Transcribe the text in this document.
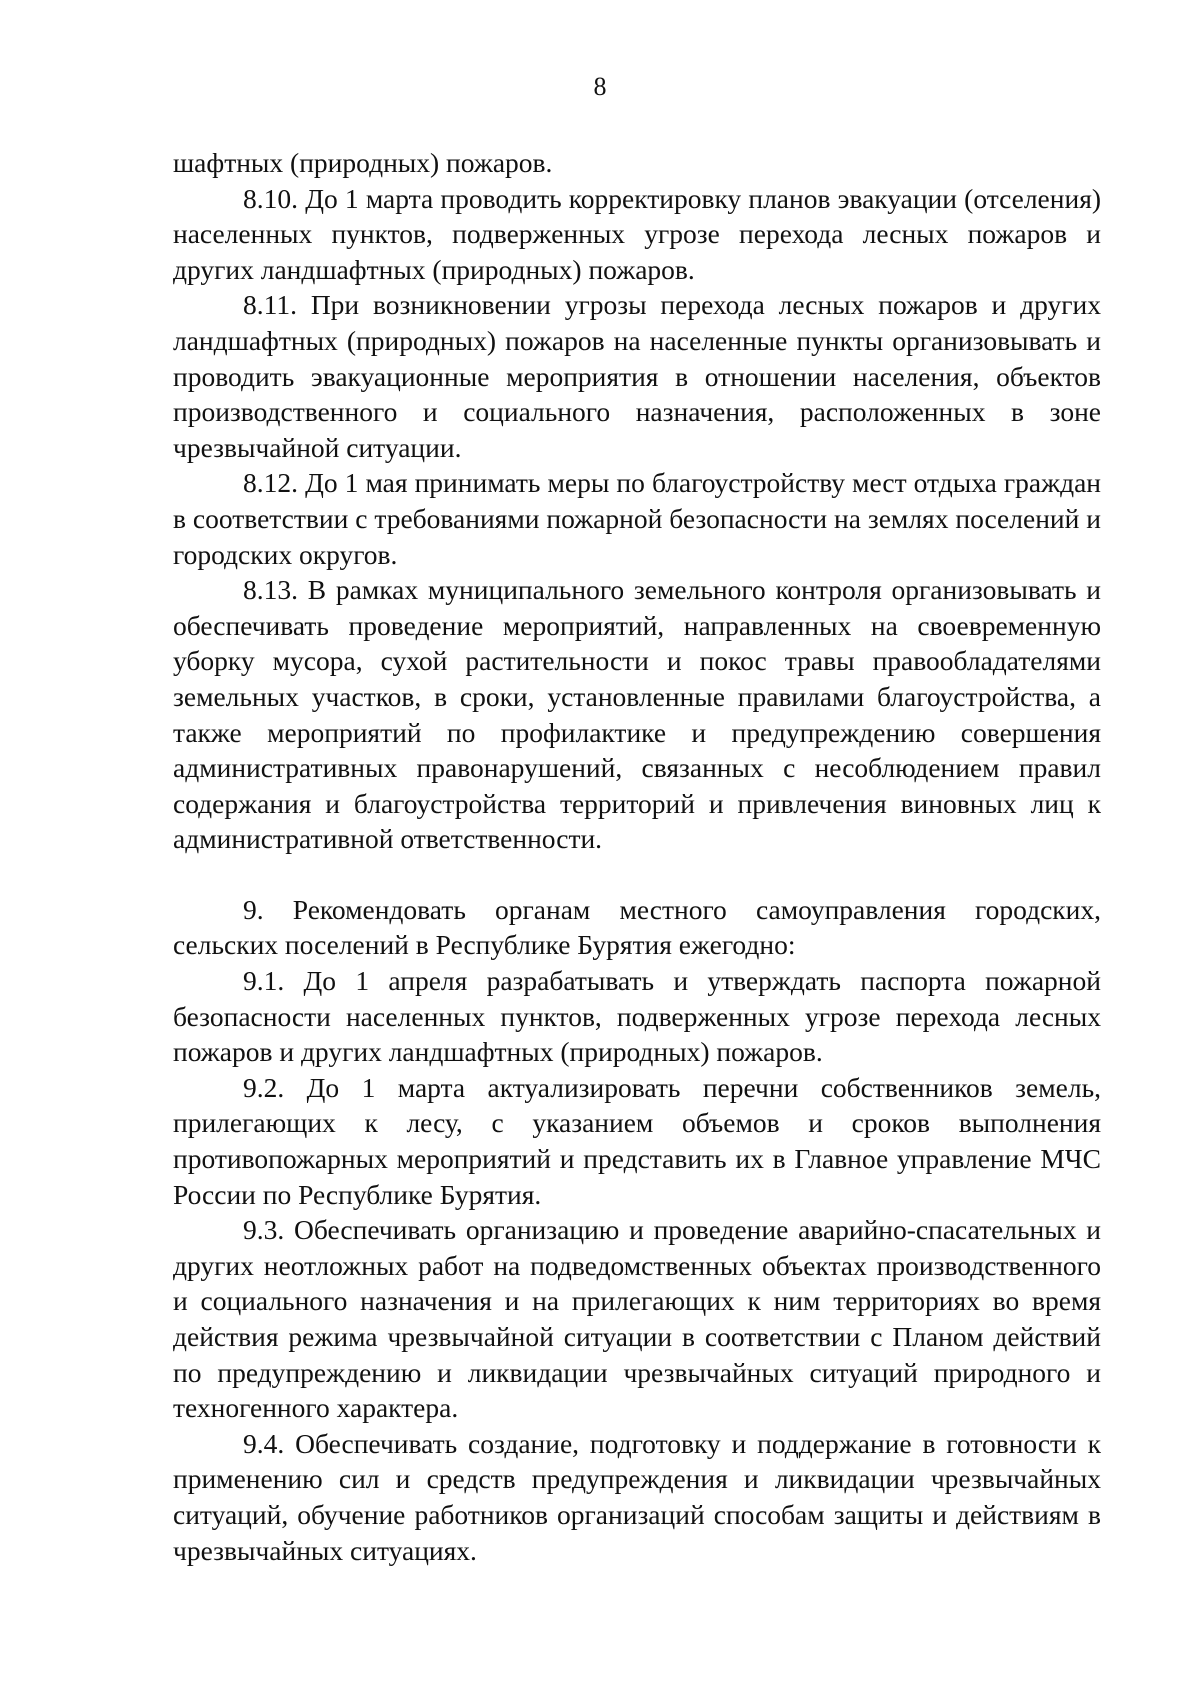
8

шафтных (природных) пожаров.

8.10. До 1 марта проводить корректировку планов эвакуации (отселения) населенных пунктов, подверженных угрозе перехода лесных пожаров и других ландшафтных (природных) пожаров.

8.11. При возникновении угрозы перехода лесных пожаров и других ландшафтных (природных) пожаров на населенные пункты организовывать и проводить эвакуационные мероприятия в отношении населения, объектов производственного и социального назначения, расположенных в зоне чрезвычайной ситуации.

8.12. До 1 мая принимать меры по благоустройству мест отдыха граждан в соответствии с требованиями пожарной безопасности на землях поселений и городских округов.

8.13. В рамках муниципального земельного контроля организовывать и обеспечивать проведение мероприятий, направленных на своевременную уборку мусора, сухой растительности и покос травы правообладателями земельных участков, в сроки, установленные правилами благоустройства, а также мероприятий по профилактике и предупреждению совершения административных правонарушений, связанных с несоблюдением правил содержания и благоустройства территорий и привлечения виновных лиц к административной ответственности.

9. Рекомендовать органам местного самоуправления городских, сельских поселений в Республике Бурятия ежегодно:

9.1. До 1 апреля разрабатывать и утверждать паспорта пожарной безопасности населенных пунктов, подверженных угрозе перехода лесных пожаров и других ландшафтных (природных) пожаров.

9.2. До 1 марта актуализировать перечни собственников земель, прилегающих к лесу, с указанием объемов и сроков выполнения противопожарных мероприятий и представить их в Главное управление МЧС России по Республике Бурятия.

9.3. Обеспечивать организацию и проведение аварийно-спасательных и других неотложных работ на подведомственных объектах производственного и социального назначения и на прилегающих к ним территориях во время действия режима чрезвычайной ситуации в соответствии с Планом действий по предупреждению и ликвидации чрезвычайных ситуаций природного и техногенного характера.

9.4. Обеспечивать создание, подготовку и поддержание в готовности к применению сил и средств предупреждения и ликвидации чрезвычайных ситуаций, обучение работников организаций способам защиты и действиям в чрезвычайных ситуациях.
